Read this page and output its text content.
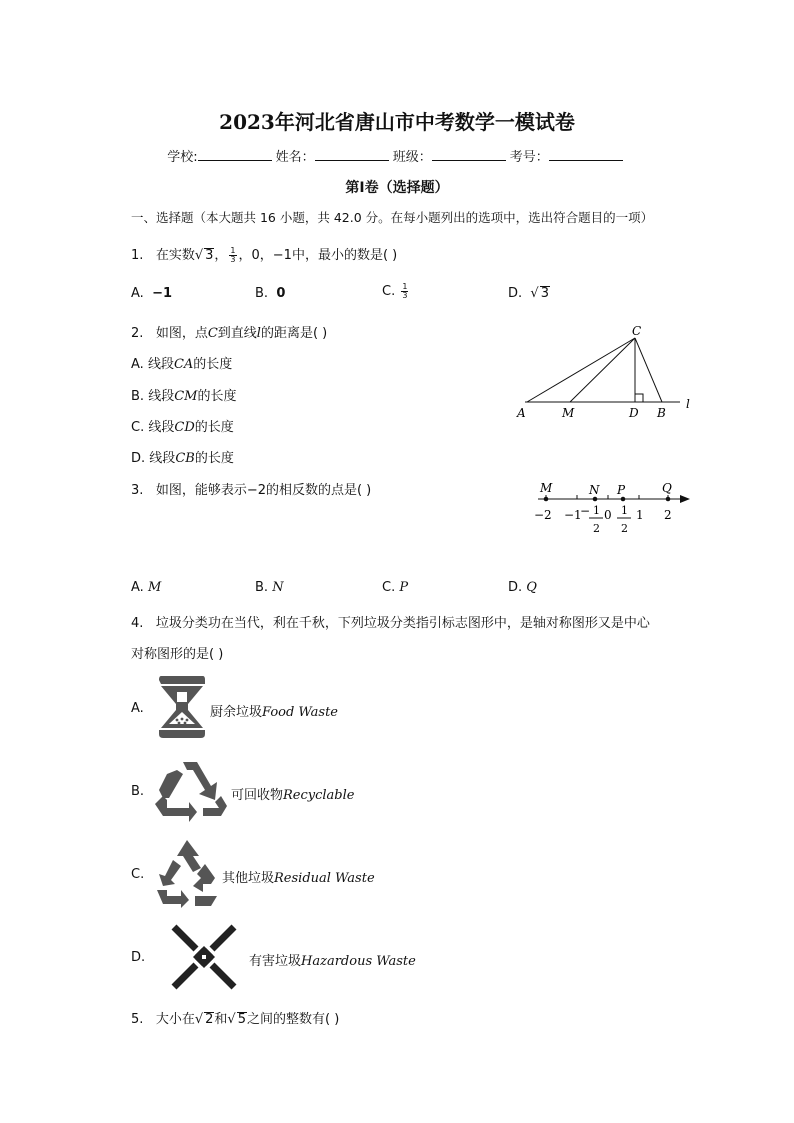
2023年河北省唐山市中考数学一模试卷
学校:	姓名：	班级：	考号：
第Ⅰ卷（选择题）
一、选择题（本大题共 16 小题，共 42.0 分。在每小题列出的选项中，选出符合题目的一项）
1. 在实数√ 3， $\frac{1}{3}$ ，0，−1中，最小的数是( )
A. −1	B. 0	C. $\frac{1}{3}$	D.  √ 3
2. 如图，点C到直线l的距离是( )
A. 线段CA的长度
B. 线段CM的长度
C. 线段CD的长度
D. 线段CB的长度
C
A	M	D B
l
3. 如图，能够表示−2的相反数的点是( )	M	N P	Q
−2 −1 0 1 2
− 1
2
1
2
A. M	B. N	C. P	D. Q
4. 垃圾分类功在当代，利在千秋，下列垃圾分类指引标志图形中，是轴对称图形又是中心
对称图形的是( )
A.	厨余垃圾Food Waste
B.	可回收物Recyclable
C.	其他垃圾Residual Waste
D.	有害垃圾Hazardous Waste
5. 大小在√ 2和√ 5之间的整数有( )
